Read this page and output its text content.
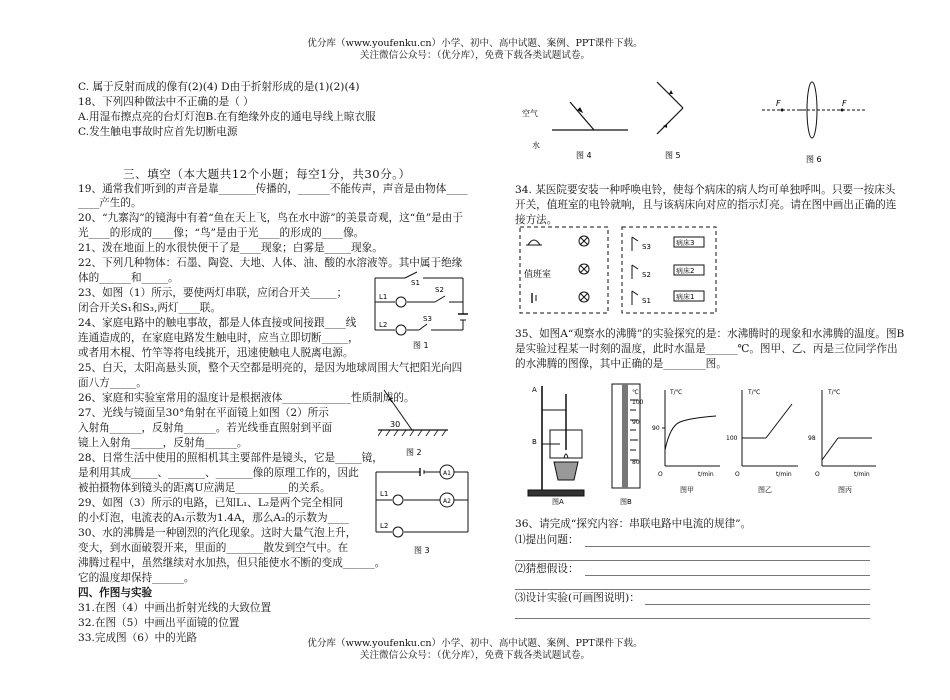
优分库（www.youfenku.cn）小学、初中、高中试题、案例、PPT课件下载。
关注微信公众号：（优分库），免费下载各类试题试卷。
C. 属于反射而成的像有(2)(4) D由于折射形成的是(1)(2)(4)
18、下列四种做法中不正确的是（ ）
A.用湿布擦点亮的台灯灯泡B.在有绝缘外皮的通电导线上晾衣服
C.发生触电事故时应首先切断电源
三、填空（本大题共12个小题；每空1分，共30分。）
19、通常我们听到的声音是靠_______传播的，______不能传声，声音是由物体____
____产生的。
20、“九寨沟”的镜海中有着“鱼在天上飞，鸟在水中游”的美景奇观，这“鱼”是由于
光____的形成的____像；“鸟”是由于光____的形成的____像。
21、泼在地面上的水很快便干了是____现象；白雾是_____现象。
22、下列几种物体：石墨、陶瓷、大地、人体、油、酸的水溶液等。其中属于绝缘
体的______和_____。
23、如图（1）所示，要使两灯串联，应闭合开关_____；
闭合开关S₁和S₃,两灯____联。
24、家庭电路中的触电事故，都是人体直接或间接跟____线
连通造成的，在家庭电路发生触电时，应当立即切断_____，
或者用木棍、竹竿等将电线挑开，迅速使触电人脱离电源。
25、白天，太阳高悬头顶，整个天空都是明亮的，是因为地球周围大气把阳光向四
面八方_____。
26、家庭和实验室常用的温度计是根据液体_____________性质制成的。
27、光线与镜面呈30°角射在平面镜上如图（2）所示
入射角______，反射角______。若光线垂直照射到平面
镜上入射角______，反射角______。
28、日常生活中使用的照相机其主要部件是镜头，它是_____镜，
是利用其成_____、_______、_______像的原理工作的，因此
被拍摄物体到镜头的距离U应满足__________的关系。
29、如图（3）所示的电路，已知L₁、L₂是两个完全相同
的小灯泡，电流表的A₁示数为1.4A，那么A₂的示数为____
30、水的沸腾是一种剧烈的汽化现象。这时大量气泡上升，
变大，到水面破裂开来，里面的_______散发到空气中。在
沸腾过程中，虽然继续对水加热，但只能使水不断的变成______。
它的温度却保持______。
四、作图与实验
31.在图（4）中画出折射光线的大致位置
32.在图（5）中画出平面镜的位置
33.完成图（6）中的光路
S1
S2
S3
L1
L2
图 1
30
图 2
A1
A2
L1
L2
图 3
空气
水
图 4	图 5
F	F
图 6
34. 某医院要安装一种呼唤电铃，使每个病床的病人均可单独呼叫。只要一按床头
开关，值班室的电铃就响，且与该病床向对应的指示灯亮。请在图中画出正确的连
接方法。
35、如图A“观察水的沸腾”的实验探究的是：水沸腾时的现象和水沸腾的温度。图B
是实验过程某一时刻的温度，此时水温是______℃。图甲、乙、丙是三位同学作出
的水沸腾的图像，其中正确的是________图。
36、请完成“探究内容：串联电路中电流的规律”。
⑴提出问题：
⑵猜想假设：
⑶设计实验(可画图说明)：
值班室
S3
S2
S1
病床3
病床2
病床1
A
B
图A
℃
100
90
80
图B
T/℃
90
O	t/min
图甲
T/℃
100
O	t/min
图乙
T/℃
98
O	t/min
图丙
优分库（www.youfenku.cn）小学、初中、高中试题、案例、PPT课件下载。
关注微信公众号：（优分库），免费下载各类试题试卷。
